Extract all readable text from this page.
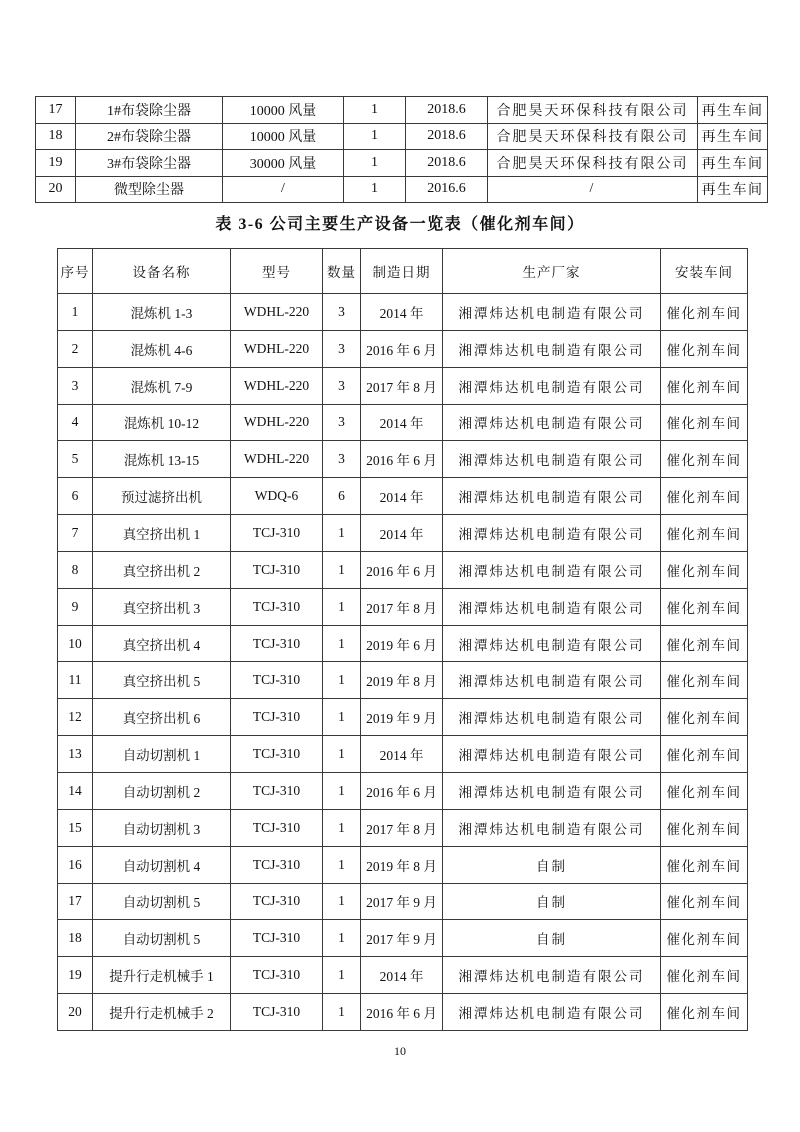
17	1#布袋除尘器	10000 风量	1	2018.6	合肥昊天环保科技有限公司	再生车间
18	2#布袋除尘器	10000 风量	1	2018.6	合肥昊天环保科技有限公司	再生车间
19	3#布袋除尘器	30000 风量	1	2018.6	合肥昊天环保科技有限公司	再生车间
20	微型除尘器	/	1	2016.6	/	再生车间
表 3-6 公司主要生产设备一览表（催化剂车间）
序号	设备名称	型号	数量	制造日期	生产厂家	安装车间
1	混炼机 1-3	WDHL-220	3	2014 年	湘潭炜达机电制造有限公司	催化剂车间
2	混炼机 4-6	WDHL-220	3	2016 年 6 月	湘潭炜达机电制造有限公司	催化剂车间
3	混炼机 7-9	WDHL-220	3	2017 年 8 月	湘潭炜达机电制造有限公司	催化剂车间
4	混炼机 10-12	WDHL-220	3	2014 年	湘潭炜达机电制造有限公司	催化剂车间
5	混炼机 13-15	WDHL-220	3	2016 年 6 月	湘潭炜达机电制造有限公司	催化剂车间
6	预过滤挤出机	WDQ-6	6	2014 年	湘潭炜达机电制造有限公司	催化剂车间
7	真空挤出机 1	TCJ-310	1	2014 年	湘潭炜达机电制造有限公司	催化剂车间
8	真空挤出机 2	TCJ-310	1	2016 年 6 月	湘潭炜达机电制造有限公司	催化剂车间
9	真空挤出机 3	TCJ-310	1	2017 年 8 月	湘潭炜达机电制造有限公司	催化剂车间
10	真空挤出机 4	TCJ-310	1	2019 年 6 月	湘潭炜达机电制造有限公司	催化剂车间
11	真空挤出机 5	TCJ-310	1	2019 年 8 月	湘潭炜达机电制造有限公司	催化剂车间
12	真空挤出机 6	TCJ-310	1	2019 年 9 月	湘潭炜达机电制造有限公司	催化剂车间
13	自动切割机 1	TCJ-310	1	2014 年	湘潭炜达机电制造有限公司	催化剂车间
14	自动切割机 2	TCJ-310	1	2016 年 6 月	湘潭炜达机电制造有限公司	催化剂车间
15	自动切割机 3	TCJ-310	1	2017 年 8 月	湘潭炜达机电制造有限公司	催化剂车间
16	自动切割机 4	TCJ-310	1	2019 年 8 月	自制	催化剂车间
17	自动切割机 5	TCJ-310	1	2017 年 9 月	自制	催化剂车间
18	自动切割机 5	TCJ-310	1	2017 年 9 月	自制	催化剂车间
19	提升行走机械手 1	TCJ-310	1	2014 年	湘潭炜达机电制造有限公司	催化剂车间
20	提升行走机械手 2	TCJ-310	1	2016 年 6 月	湘潭炜达机电制造有限公司	催化剂车间
10
